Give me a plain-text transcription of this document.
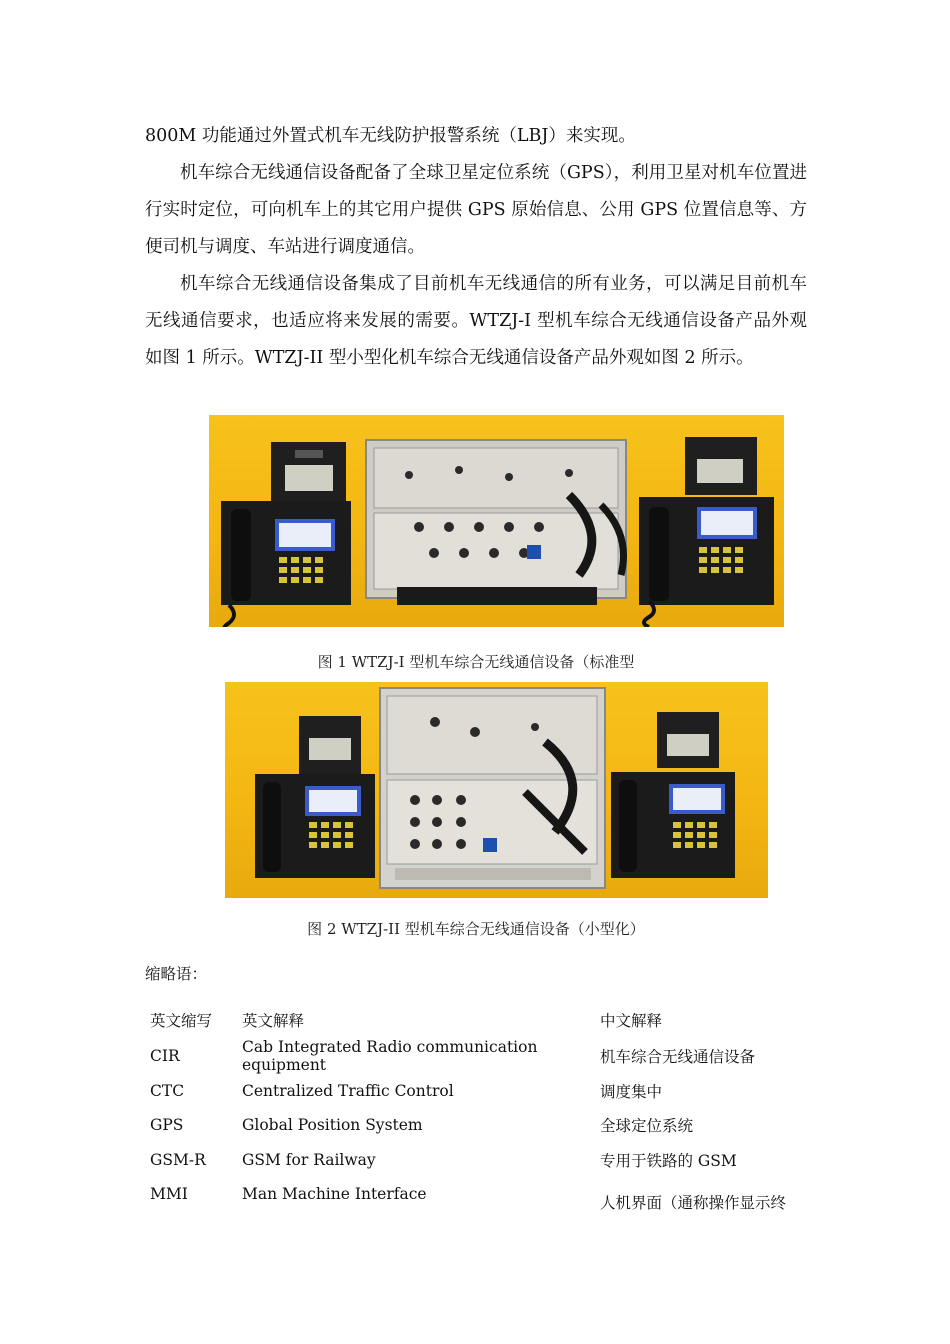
800M 功能通过外置式机车无线防护报警系统（LBJ）来实现。

机车综合无线通信设备配备了全球卫星定位系统（GPS），利用卫星对机车位置进行实时定位，可向机车上的其它用户提供 GPS 原始信息、公用 GPS 位置信息等、方便司机与调度、车站进行调度通信。

机车综合无线通信设备集成了目前机车无线通信的所有业务，可以满足目前机车无线通信要求，也适应将来发展的需要。WTZJ-I 型机车综合无线通信设备产品外观如图 1 所示。WTZJ-II 型小型化机车综合无线通信设备产品外观如图 2 所示。

图 1 WTZJ-I 型机车综合无线通信设备（标准型
图 2 WTZJ-II 型机车综合无线通信设备（小型化）
缩略语：
英文缩写	英文解释	中文解释
CIR	Cab Integrated Radio communication equipment	机车综合无线通信设备
CTC	Centralized Traffic Control	调度集中
GPS	Global Position System	全球定位系统
GSM-R	GSM for Railway	专用于铁路的 GSM
MMI	Man Machine Interface	人机界面（通称操作显示终
